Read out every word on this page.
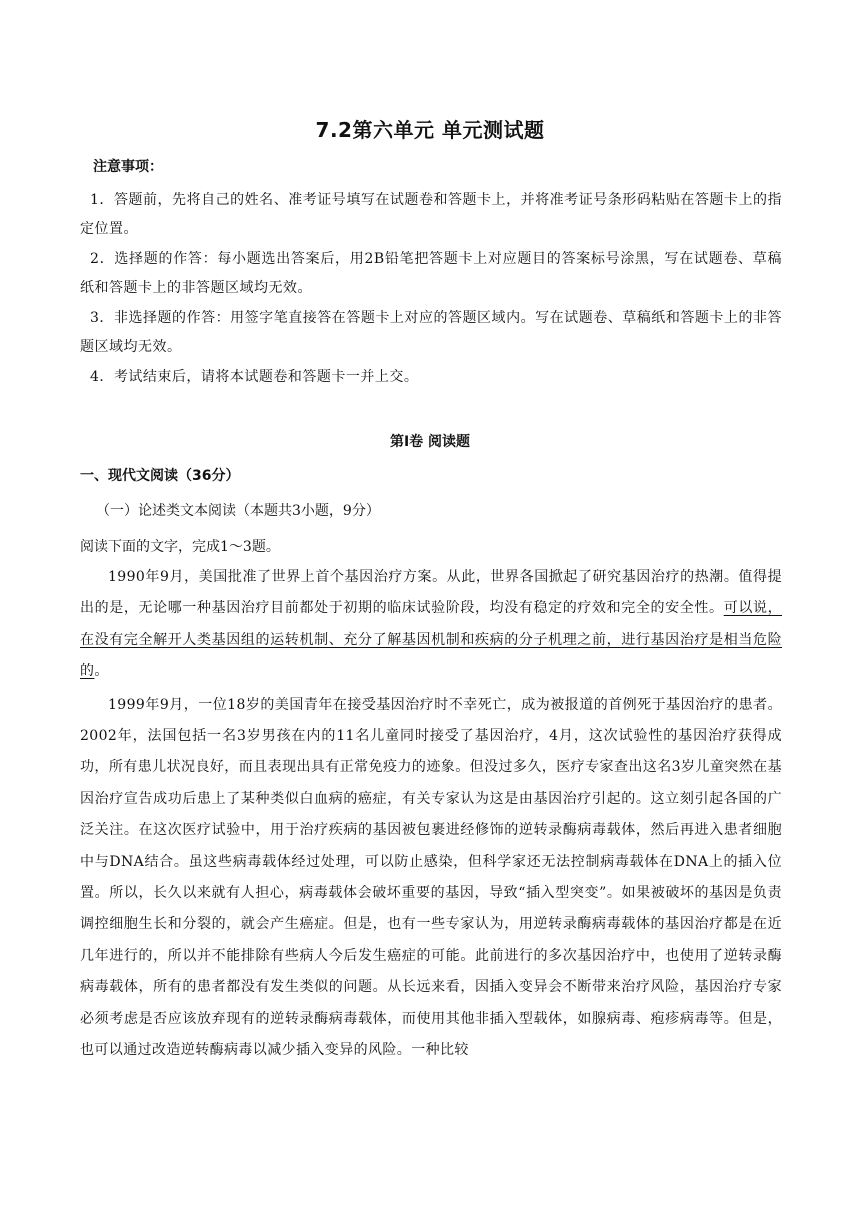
7.2第六单元 单元测试题
注意事项：
1．答题前，先将自己的姓名、准考证号填写在试题卷和答题卡上，并将准考证号条形码粘贴在答题卡上的指定位置。
2．选择题的作答：每小题选出答案后，用2B铅笔把答题卡上对应题目的答案标号涂黑，写在试题卷、草稿纸和答题卡上的非答题区域均无效。
3．非选择题的作答：用签字笔直接答在答题卡上对应的答题区域内。写在试题卷、草稿纸和答题卡上的非答题区域均无效。
4．考试结束后，请将本试题卷和答题卡一并上交。
第Ⅰ卷 阅读题
一、现代文阅读（36分）
（一）论述类文本阅读（本题共3小题，9分）
阅读下面的文字，完成1～3题。

1990年9月，美国批准了世界上首个基因治疗方案。从此，世界各国掀起了研究基因治疗的热潮。值得提出的是，无论哪一种基因治疗目前都处于初期的临床试验阶段，均没有稳定的疗效和完全的安全性。可以说，在没有完全解开人类基因组的运转机制、充分了解基因机制和疾病的分子机理之前，进行基因治疗是相当危险的。

1999年9月，一位18岁的美国青年在接受基因治疗时不幸死亡，成为被报道的首例死于基因治疗的患者。2002年，法国包括一名3岁男孩在内的11名儿童同时接受了基因治疗，4月，这次试验性的基因治疗获得成功，所有患儿状况良好，而且表现出具有正常免疫力的迹象。但没过多久，医疗专家查出这名3岁儿童突然在基因治疗宣告成功后患上了某种类似白血病的癌症，有关专家认为这是由基因治疗引起的。这立刻引起各国的广泛关注。在这次医疗试验中，用于治疗疾病的基因被包裹进经修饰的逆转录酶病毒载体，然后再进入患者细胞中与DNA结合。虽这些病毒载体经过处理，可以防止感染，但科学家还无法控制病毒载体在DNA上的插入位置。所以，长久以来就有人担心，病毒载体会破坏重要的基因，导致“插入型突变”。如果被破坏的基因是负责调控细胞生长和分裂的，就会产生癌症。但是，也有一些专家认为，用逆转录酶病毒载体的基因治疗都是在近几年进行的，所以并不能排除有些病人今后发生癌症的可能。此前进行的多次基因治疗中，也使用了逆转录酶病毒载体，所有的患者都没有发生类似的问题。从长远来看，因插入变异会不断带来治疗风险，基因治疗专家必须考虑是否应该放弃现有的逆转录酶病毒载体，而使用其他非插入型载体，如腺病毒、疱疹病毒等。但是，也可以通过改造逆转酶病毒以减少插入变异的风险。一种比较
